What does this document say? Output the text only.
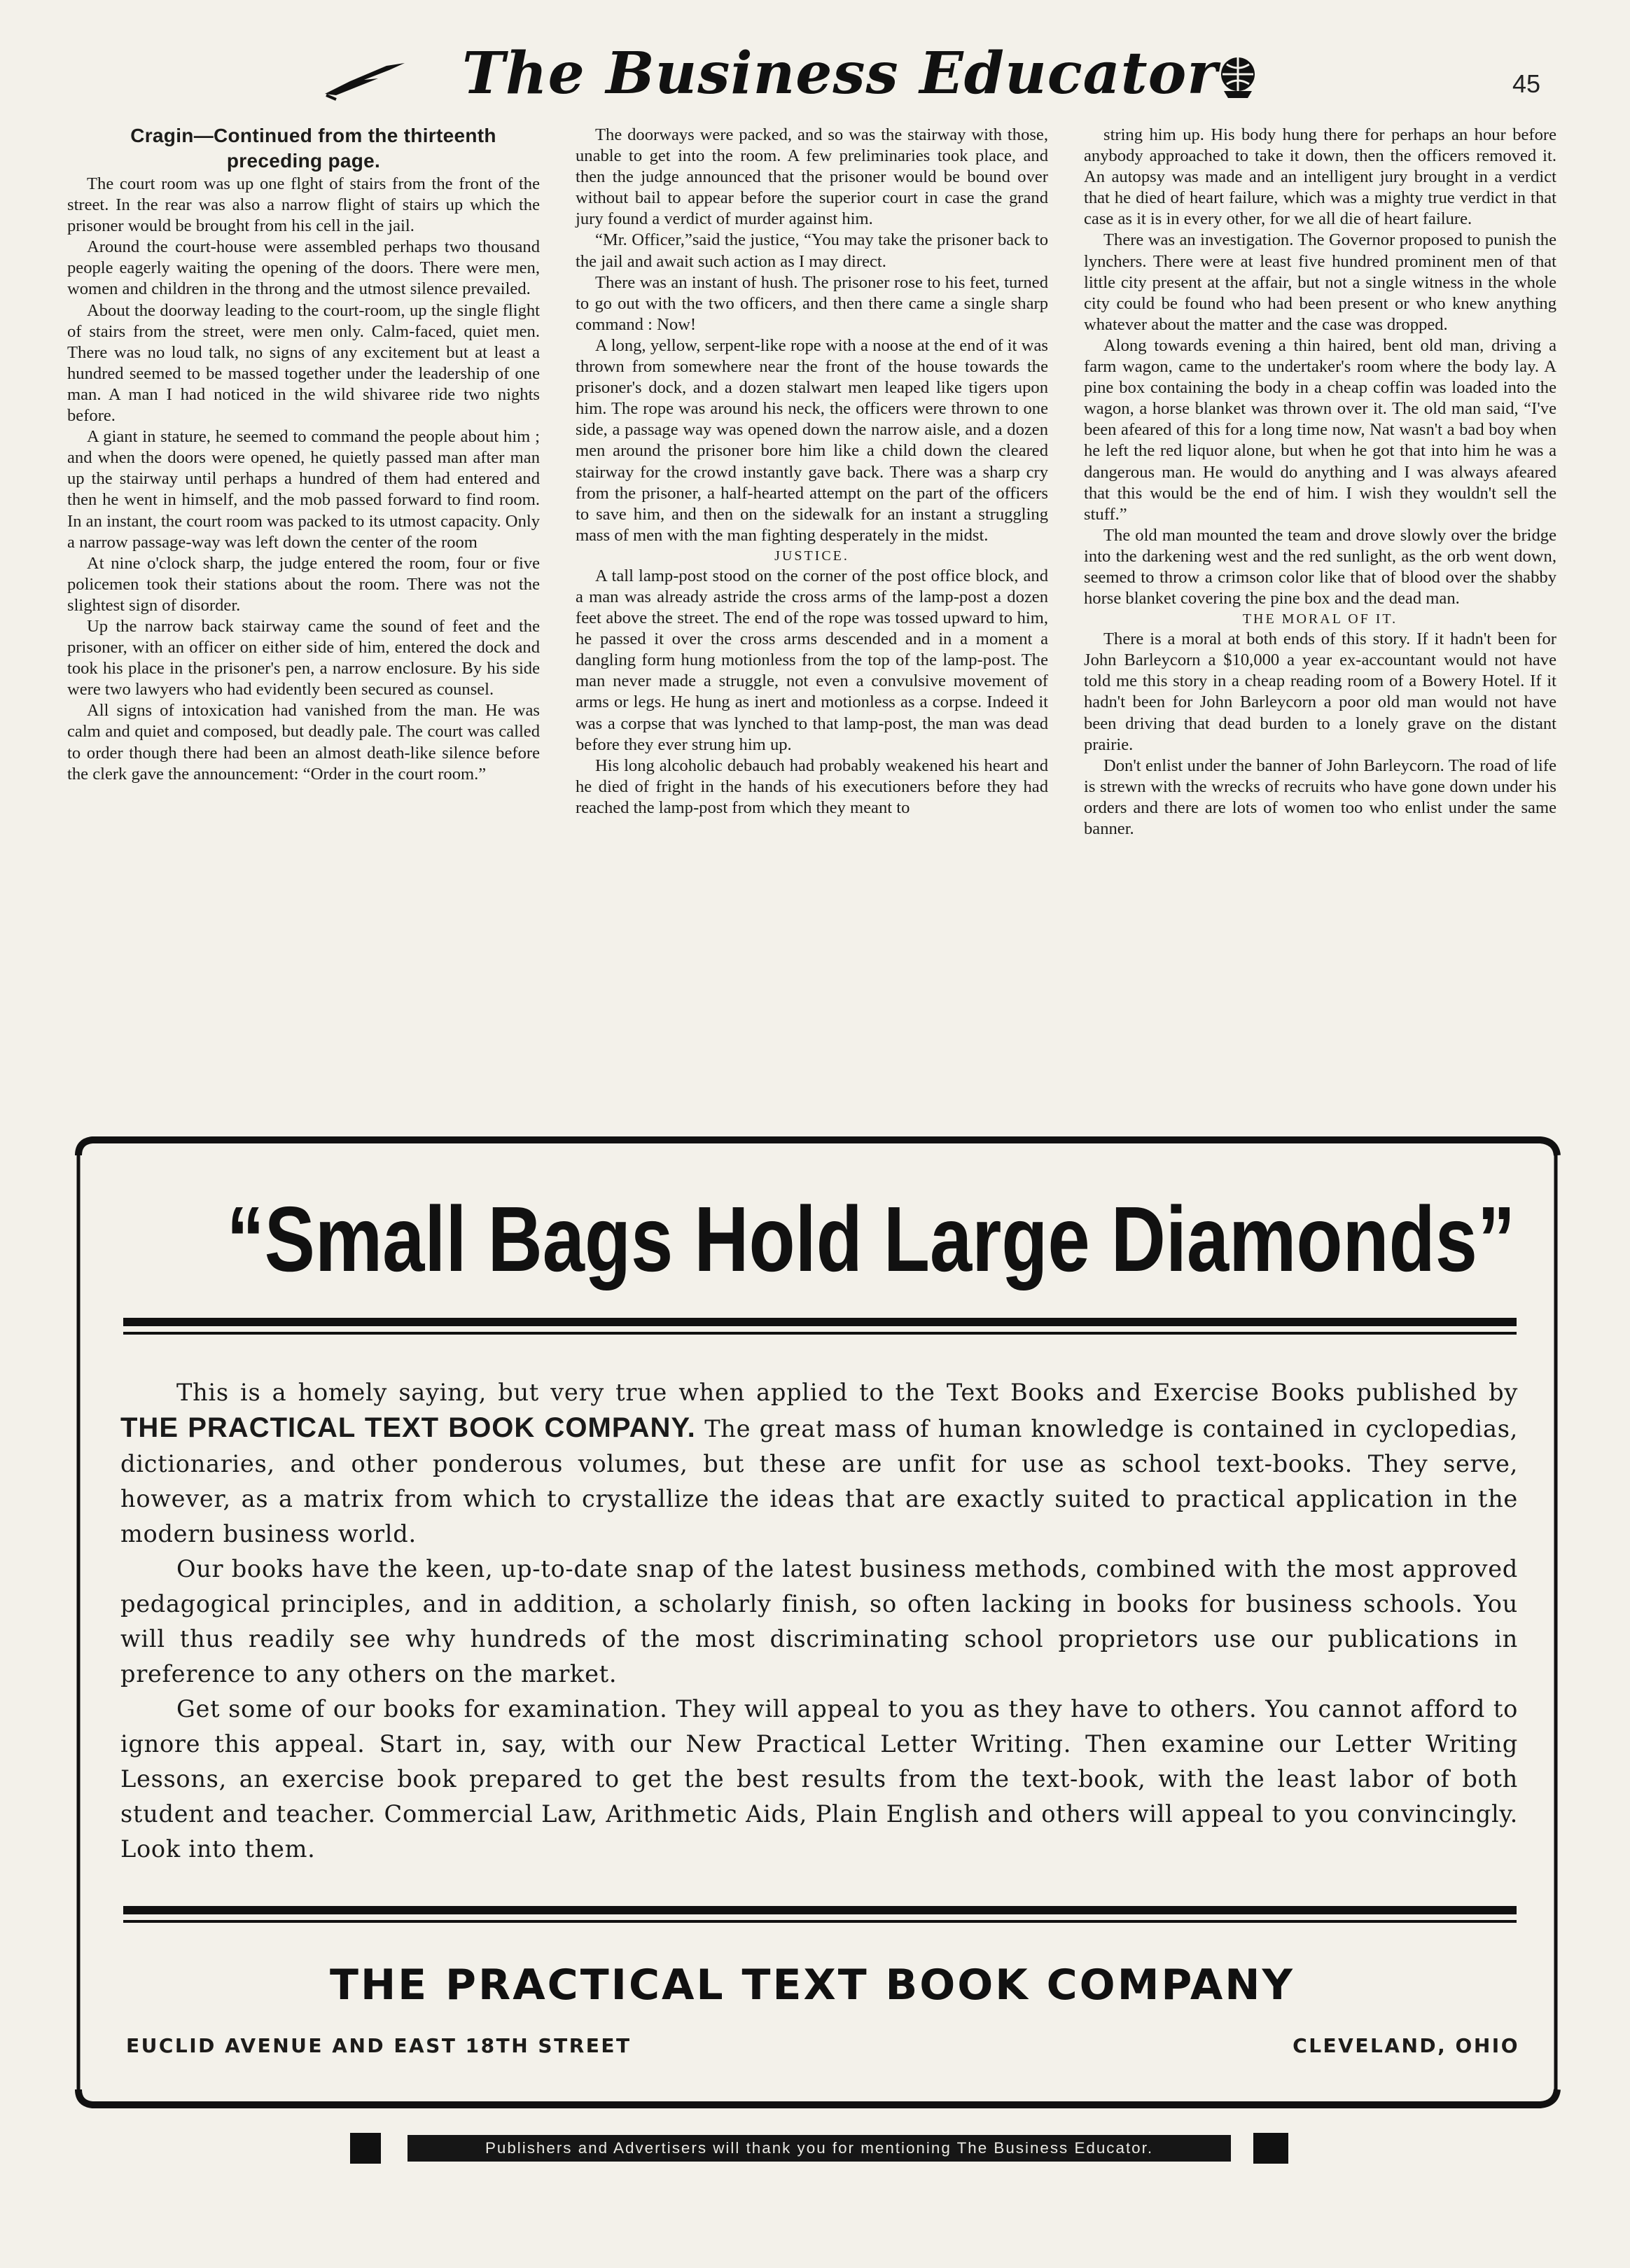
The Business Educator	45

Cragin—Continued from the thirteenth preceding page.

The court room was up one flght of stairs from the front of the street. In the rear was also a narrow flight of stairs up which the prisoner would be brought from his cell in the jail.

Around the court-house were assembled perhaps two thousand people eagerly waiting the opening of the doors. There were men, women and children in the throng and the utmost silence prevailed.

About the doorway leading to the court-room, up the single flight of stairs from the street, were men only. Calm-faced, quiet men. There was no loud talk, no signs of any excitement but at least a hundred seemed to be massed together under the leadership of one man. A man I had noticed in the wild shivaree ride two nights before.

A giant in stature, he seemed to command the people about him ; and when the doors were opened, he quietly passed man after man up the stairway until perhaps a hundred of them had entered and then he went in himself, and the mob passed forward to find room. In an instant, the court room was packed to its utmost capacity. Only a narrow passage-way was left down the center of the room

At nine o'clock sharp, the judge entered the room, four or five policemen took their stations about the room. There was not the slightest sign of disorder.

Up the narrow back stairway came the sound of feet and the prisoner, with an officer on either side of him, entered the dock and took his place in the prisoner's pen, a narrow enclosure. By his side were two lawyers who had evidently been secured as counsel.

All signs of intoxication had vanished from the man. He was calm and quiet and composed, but deadly pale. The court was called to order though there had been an almost death-like silence before the clerk gave the announcement: “Order in the court room.”

The doorways were packed, and so was the stairway with those, unable to get into the room. A few preliminaries took place, and then the judge announced that the prisoner would be bound over without bail to appear before the superior court in case the grand jury found a verdict of murder against him.

“Mr. Officer,”said the justice, “You may take the prisoner back to the jail and await such action as I may direct.

There was an instant of hush. The prisoner rose to his feet, turned to go out with the two officers, and then there came a single sharp command : Now!

A long, yellow, serpent-like rope with a noose at the end of it was thrown from somewhere near the front of the house towards the prisoner's dock, and a dozen stalwart men leaped like tigers upon him. The rope was around his neck, the officers were thrown to one side, a passage way was opened down the narrow aisle, and a dozen men around the prisoner bore him like a child down the cleared stairway for the crowd instantly gave back. There was a sharp cry from the prisoner, a half-hearted attempt on the part of the officers to save him, and then on the sidewalk for an instant a struggling mass of men with the man fighting desperately in the midst.

JUSTICE.

A tall lamp-post stood on the corner of the post office block, and a man was already astride the cross arms of the lamp-post a dozen feet above the street. The end of the rope was tossed upward to him, he passed it over the cross arms descended and in a moment a dangling form hung motionless from the top of the lamp-post. The man never made a struggle, not even a convulsive movement of arms or legs. He hung as inert and motionless as a corpse. Indeed it was a corpse that was lynched to that lamp-post, the man was dead before they ever strung him up.

His long alcoholic debauch had probably weakened his heart and he died of fright in the hands of his executioners before they had reached the lamp-post from which they meant to

string him up. His body hung there for perhaps an hour before anybody approached to take it down, then the officers removed it. An autopsy was made and an intelligent jury brought in a verdict that he died of heart failure, which was a mighty true verdict in that case as it is in every other, for we all die of heart failure.

There was an investigation. The Governor proposed to punish the lynchers. There were at least five hundred prominent men of that little city present at the affair, but not a single witness in the whole city could be found who had been present or who knew anything whatever about the matter and the case was dropped.

Along towards evening a thin haired, bent old man, driving a farm wagon, came to the undertaker's room where the body lay. A pine box containing the body in a cheap coffin was loaded into the wagon, a horse blanket was thrown over it. The old man said, “I've been afeared of this for a long time now, Nat wasn't a bad boy when he left the red liquor alone, but when he got that into him he was a dangerous man. He would do anything and I was always afeared that this would be the end of him. I wish they wouldn't sell the stuff.”

The old man mounted the team and drove slowly over the bridge into the darkening west and the red sunlight, as the orb went down, seemed to throw a crimson color like that of blood over the shabby horse blanket covering the pine box and the dead man.

THE MORAL OF IT.

There is a moral at both ends of this story. If it hadn't been for John Barleycorn a $10,000 a year ex-accountant would not have told me this story in a cheap reading room of a Bowery Hotel. If it hadn't been for John Barleycorn a poor old man would not have been driving that dead burden to a lonely grave on the distant prairie.

Don't enlist under the banner of John Barleycorn. The road of life is strewn with the wrecks of recruits who have gone down under his orders and there are lots of women too who enlist under the same banner.

“Small Bags Hold Large Diamonds”

This is a homely saying, but very true when applied to the Text Books and Exercise Books published by THE PRACTICAL TEXT BOOK COMPANY. The great mass of human knowledge is contained in cyclopedias, dictionaries, and other ponderous volumes, but these are unfit for use as school text-books. They serve, however, as a matrix from which to crystallize the ideas that are exactly suited to practical application in the modern business world.

Our books have the keen, up-to-date snap of the latest business methods, combined with the most approved pedagogical principles, and in addition, a scholarly finish, so often lacking in books for business schools. You will thus readily see why hundreds of the most discriminating school proprietors use our publications in preference to any others on the market.

Get some of our books for examination. They will appeal to you as they have to others. You cannot afford to ignore this appeal. Start in, say, with our New Practical Letter Writing. Then examine our Letter Writing Lessons, an exercise book prepared to get the best results from the text-book, with the least labor of both student and teacher. Commercial Law, Arithmetic Aids, Plain English and others will appeal to you convincingly. Look into them.

THE PRACTICAL TEXT BOOK COMPANY
EUCLID AVENUE AND EAST 18TH STREET	CLEVELAND, OHIO
Publishers and Advertisers will thank you for mentioning The Business Educator.
